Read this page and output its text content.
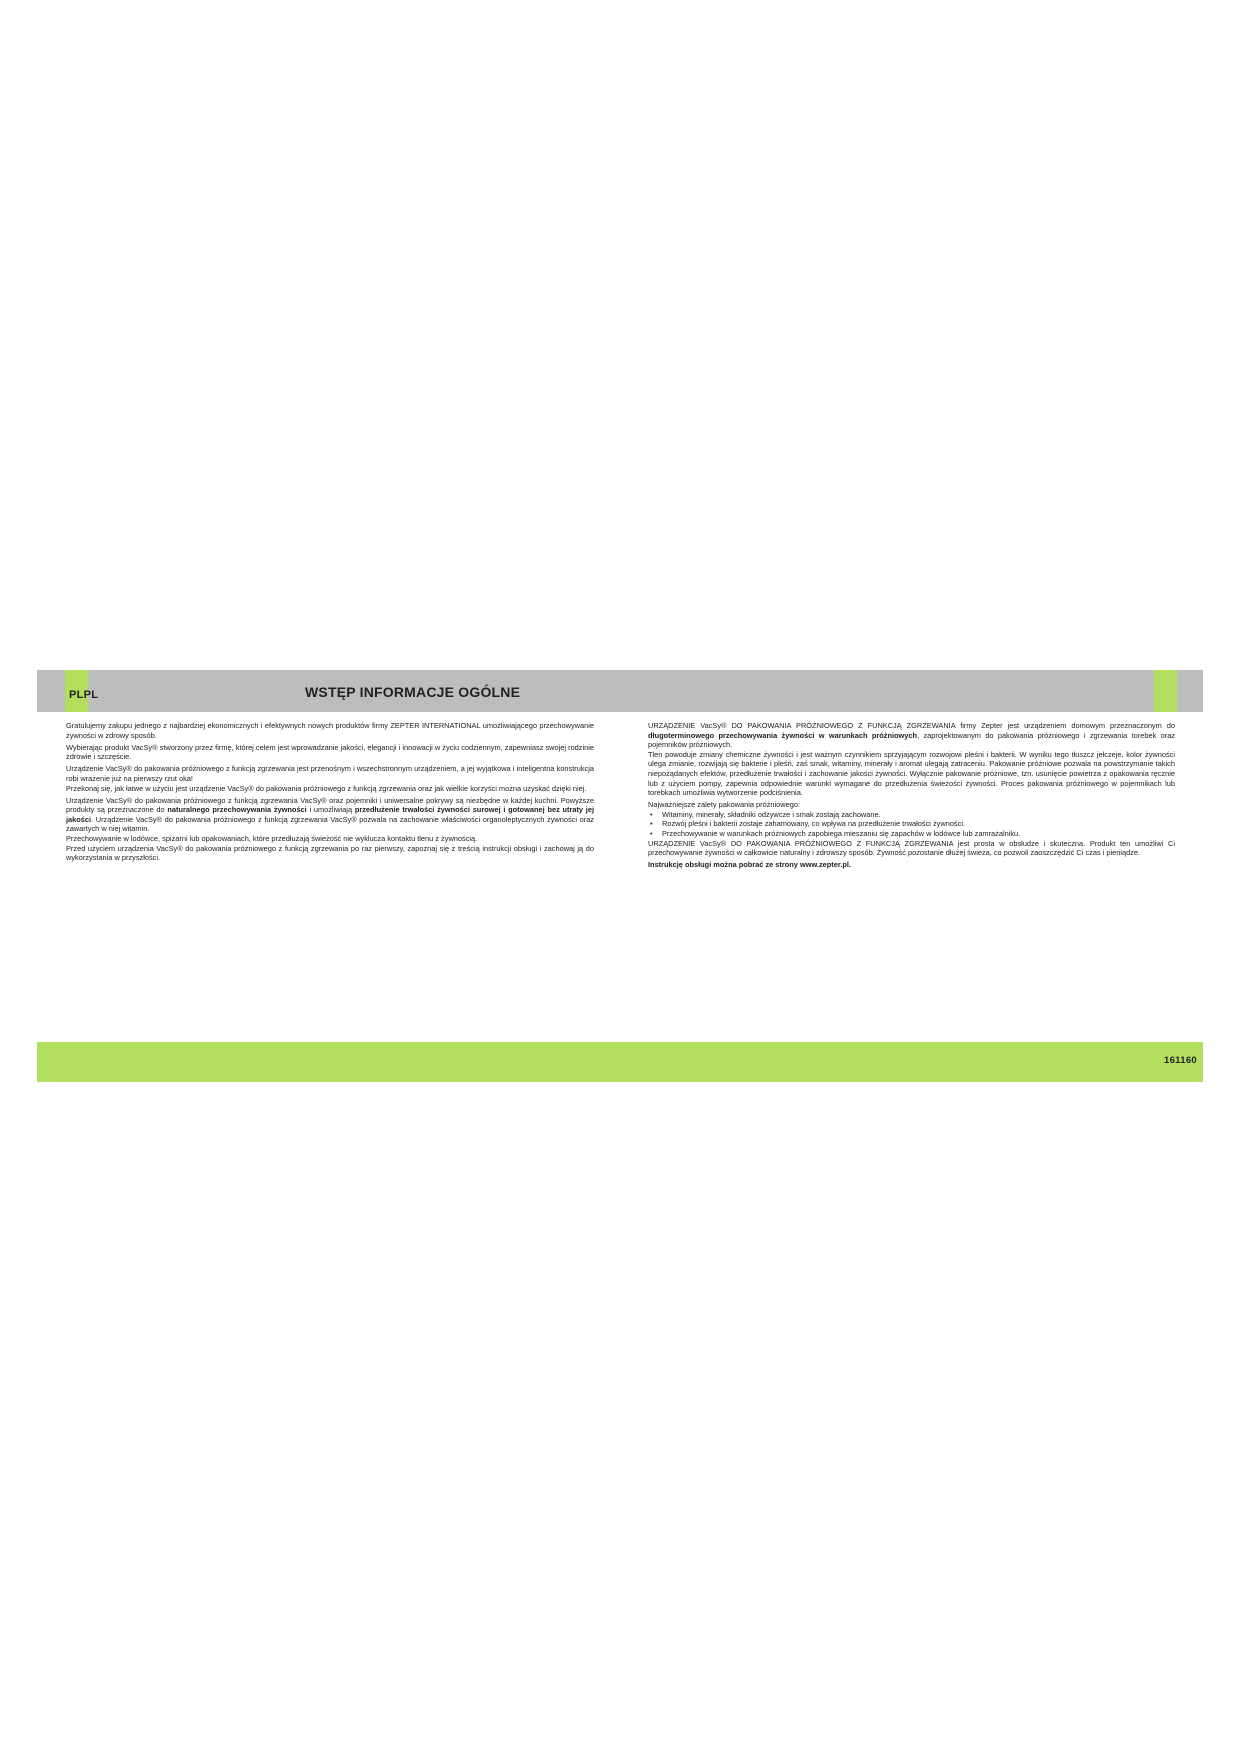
PLPL	WSTĘP INFORMACJE OGÓLNE

Gratulujemy zakupu jednego z najbardziej ekonomicznych i efektywnych nowych produktów firmy ZEPTER INTERNATIONAL umożliwiającego przechowywanie żywności w zdrowy sposób.

Wybierając produkt VacSy® stworzony przez firmę, której celem jest wprowadzanie jakości, elegancji i innowacji w życiu codziennym, zapewniasz swojej rodzinie zdrowie i szczęście.

Urządzenie VacSy® do pakowania próżniowego z funkcją zgrzewania jest przenośnym i wszechstronnym urządzeniem, a jej wyjątkowa i inteligentna konstrukcja robi wrażenie już na pierwszy rzut oka!

Przekonaj się, jak łatwe w użyciu jest urządzenie VacSy® do pakowania próżniowego z funkcją zgrzewania oraz jak wielkie korzyści można uzyskać dzięki niej.

Urządzenie VacSy® do pakowania próżniowego z funkcją zgrzewania VacSy® oraz pojemniki i uniwersalne pokrywy są niezbędne w każdej kuchni. Powyższe produkty są przeznaczone do naturalnego przechowywania żywności i umożliwiają przedłużenie trwałości żywności surowej i gotowanej bez utraty jej jakości. Urządzenie VacSy® do pakowania próżniowego z funkcją zgrzewania VacSy® pozwala na zachowanie właściwości organoleptycznych żywności oraz zawartych w niej witamin.

Przechowywanie w lodówce, spiżarni lub opakowaniach, które przedłużają świeżość nie wyklucza kontaktu tlenu z żywnością.

Przed użyciem urządzenia VacSy® do pakowania próżniowego z funkcją zgrzewania po raz pierwszy, zapoznaj się z treścią instrukcji obsługi i zachowaj ją do wykorzystania w przyszłości.

URZĄDZENIE VacSy® DO PAKOWANIA PRÓŻNIOWEGO Z FUNKCJĄ ZGRZEWANIA firmy Zepter jest urządzeniem domowym przeznaczonym do długoterminowego przechowywania żywności w warunkach próżniowych, zaprojektowanym do pakowania próżniowego i zgrzewania torebek oraz pojemników próżniowych.

Tlen powoduje zmiany chemiczne żywności i jest ważnym czynnikiem sprzyjającym rozwojowi pleśni i bakterii. W wyniku tego tłuszcz jełczeje, kolor żywności ulega zmianie, rozwijają się bakterie i pleśń, zaś smak, witaminy, minerały i aromat ulegają zatraceniu. Pakowanie próżniowe pozwala na powstrzymanie takich niepożądanych efektów, przedłużenie trwałości i zachowanie jakości żywności. Wyłącznie pakowanie próżniowe, tzn. usunięcie powietrza z opakowania ręcznie lub z użyciem pompy, zapewnia odpowiednie warunki wymagane do przedłużenia świeżości żywności. Proces pakowania próżniowego w pojemnikach lub torebkach umożliwia wytworzenie podciśnienia.

Najważniejsze zalety pakowania próżniowego:

• Witaminy, minerały, składniki odżywcze i smak zostają zachowane.
• Rozwój pleśni i bakterii zostaje zahamowany, co wpływa na przedłużenie trwałości żywności.
• Przechowywanie w warunkach próżniowych zapobiega mieszaniu się zapachów w lodówce lub zamrażalniku.

URZĄDZENIE VacSy® DO PAKOWANIA PRÓŻNIOWEGO Z FUNKCJĄ ZGRZEWANIA jest prosta w obsłudze i skuteczna. Produkt ten umożliwi Ci przechowywanie żywności w całkowicie naturalny i zdrowszy sposób. Żywność pozostanie dłużej świeża, co pozwoli zaoszczędzić Ci czas i pieniądze.

Instrukcję obsługi można pobrać ze strony www.zepter.pl.

161160
